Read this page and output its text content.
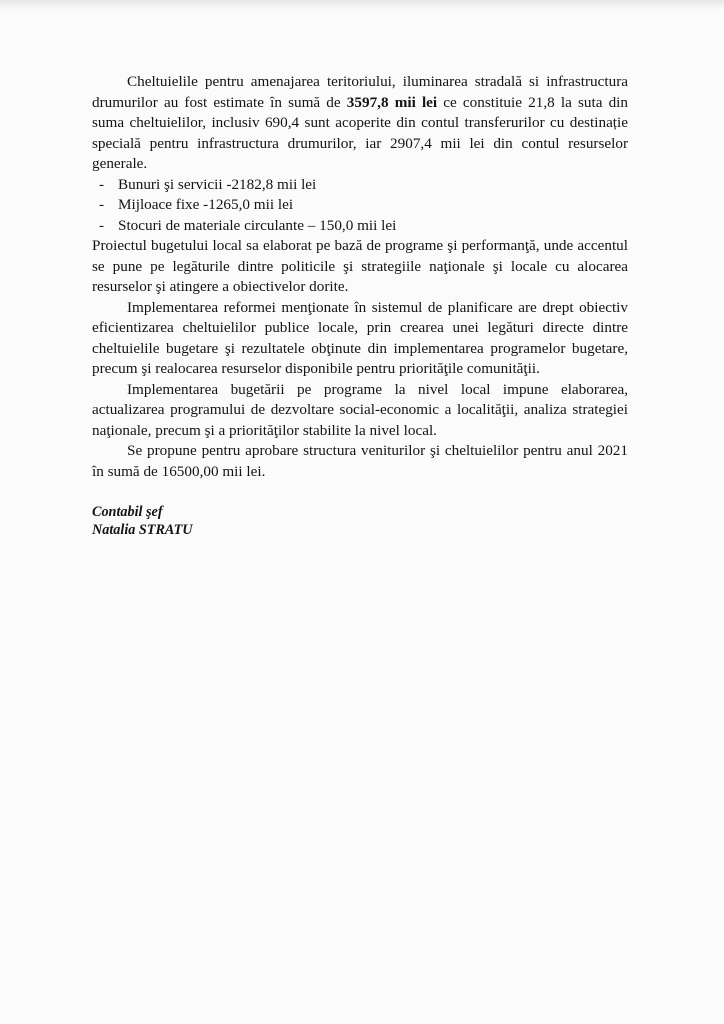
Cheltuielile pentru amenajarea teritoriului, iluminarea stradală si infrastructura drumurilor au fost estimate în sumă de 3597,8 mii lei ce constituie 21,8 la suta din suma cheltuielilor, inclusiv 690,4 sunt acoperite din contul transferurilor cu destinație specială pentru infrastructura drumurilor, iar 2907,4 mii lei din contul resurselor generale.

- Bunuri şi servicii -2182,8 mii lei
- Mijloace fixe -1265,0 mii lei
- Stocuri de materiale circulante – 150,0 mii lei

Proiectul bugetului local sa elaborat pe bază de programe şi performanţă, unde accentul se pune pe legăturile dintre politicile şi strategiile naţionale şi locale cu alocarea resurselor şi atingere a obiectivelor dorite.

Implementarea reformei menţionate în sistemul de planificare are drept obiectiv eficientizarea cheltuielilor publice locale, prin crearea unei legături directe dintre cheltuielile bugetare şi rezultatele obţinute din implementarea programelor bugetare, precum şi realocarea resurselor disponibile pentru priorităţile comunităţii.

Implementarea bugetării pe programe la nivel local impune elaborarea, actualizarea programului de dezvoltare social-economic a localităţii, analiza strategiei naţionale, precum şi a priorităţilor stabilite la nivel local.

Se propune pentru aprobare structura veniturilor şi cheltuielilor pentru anul 2021 în sumă de 16500,00 mii lei.

Contabil şef
Natalia STRATU
